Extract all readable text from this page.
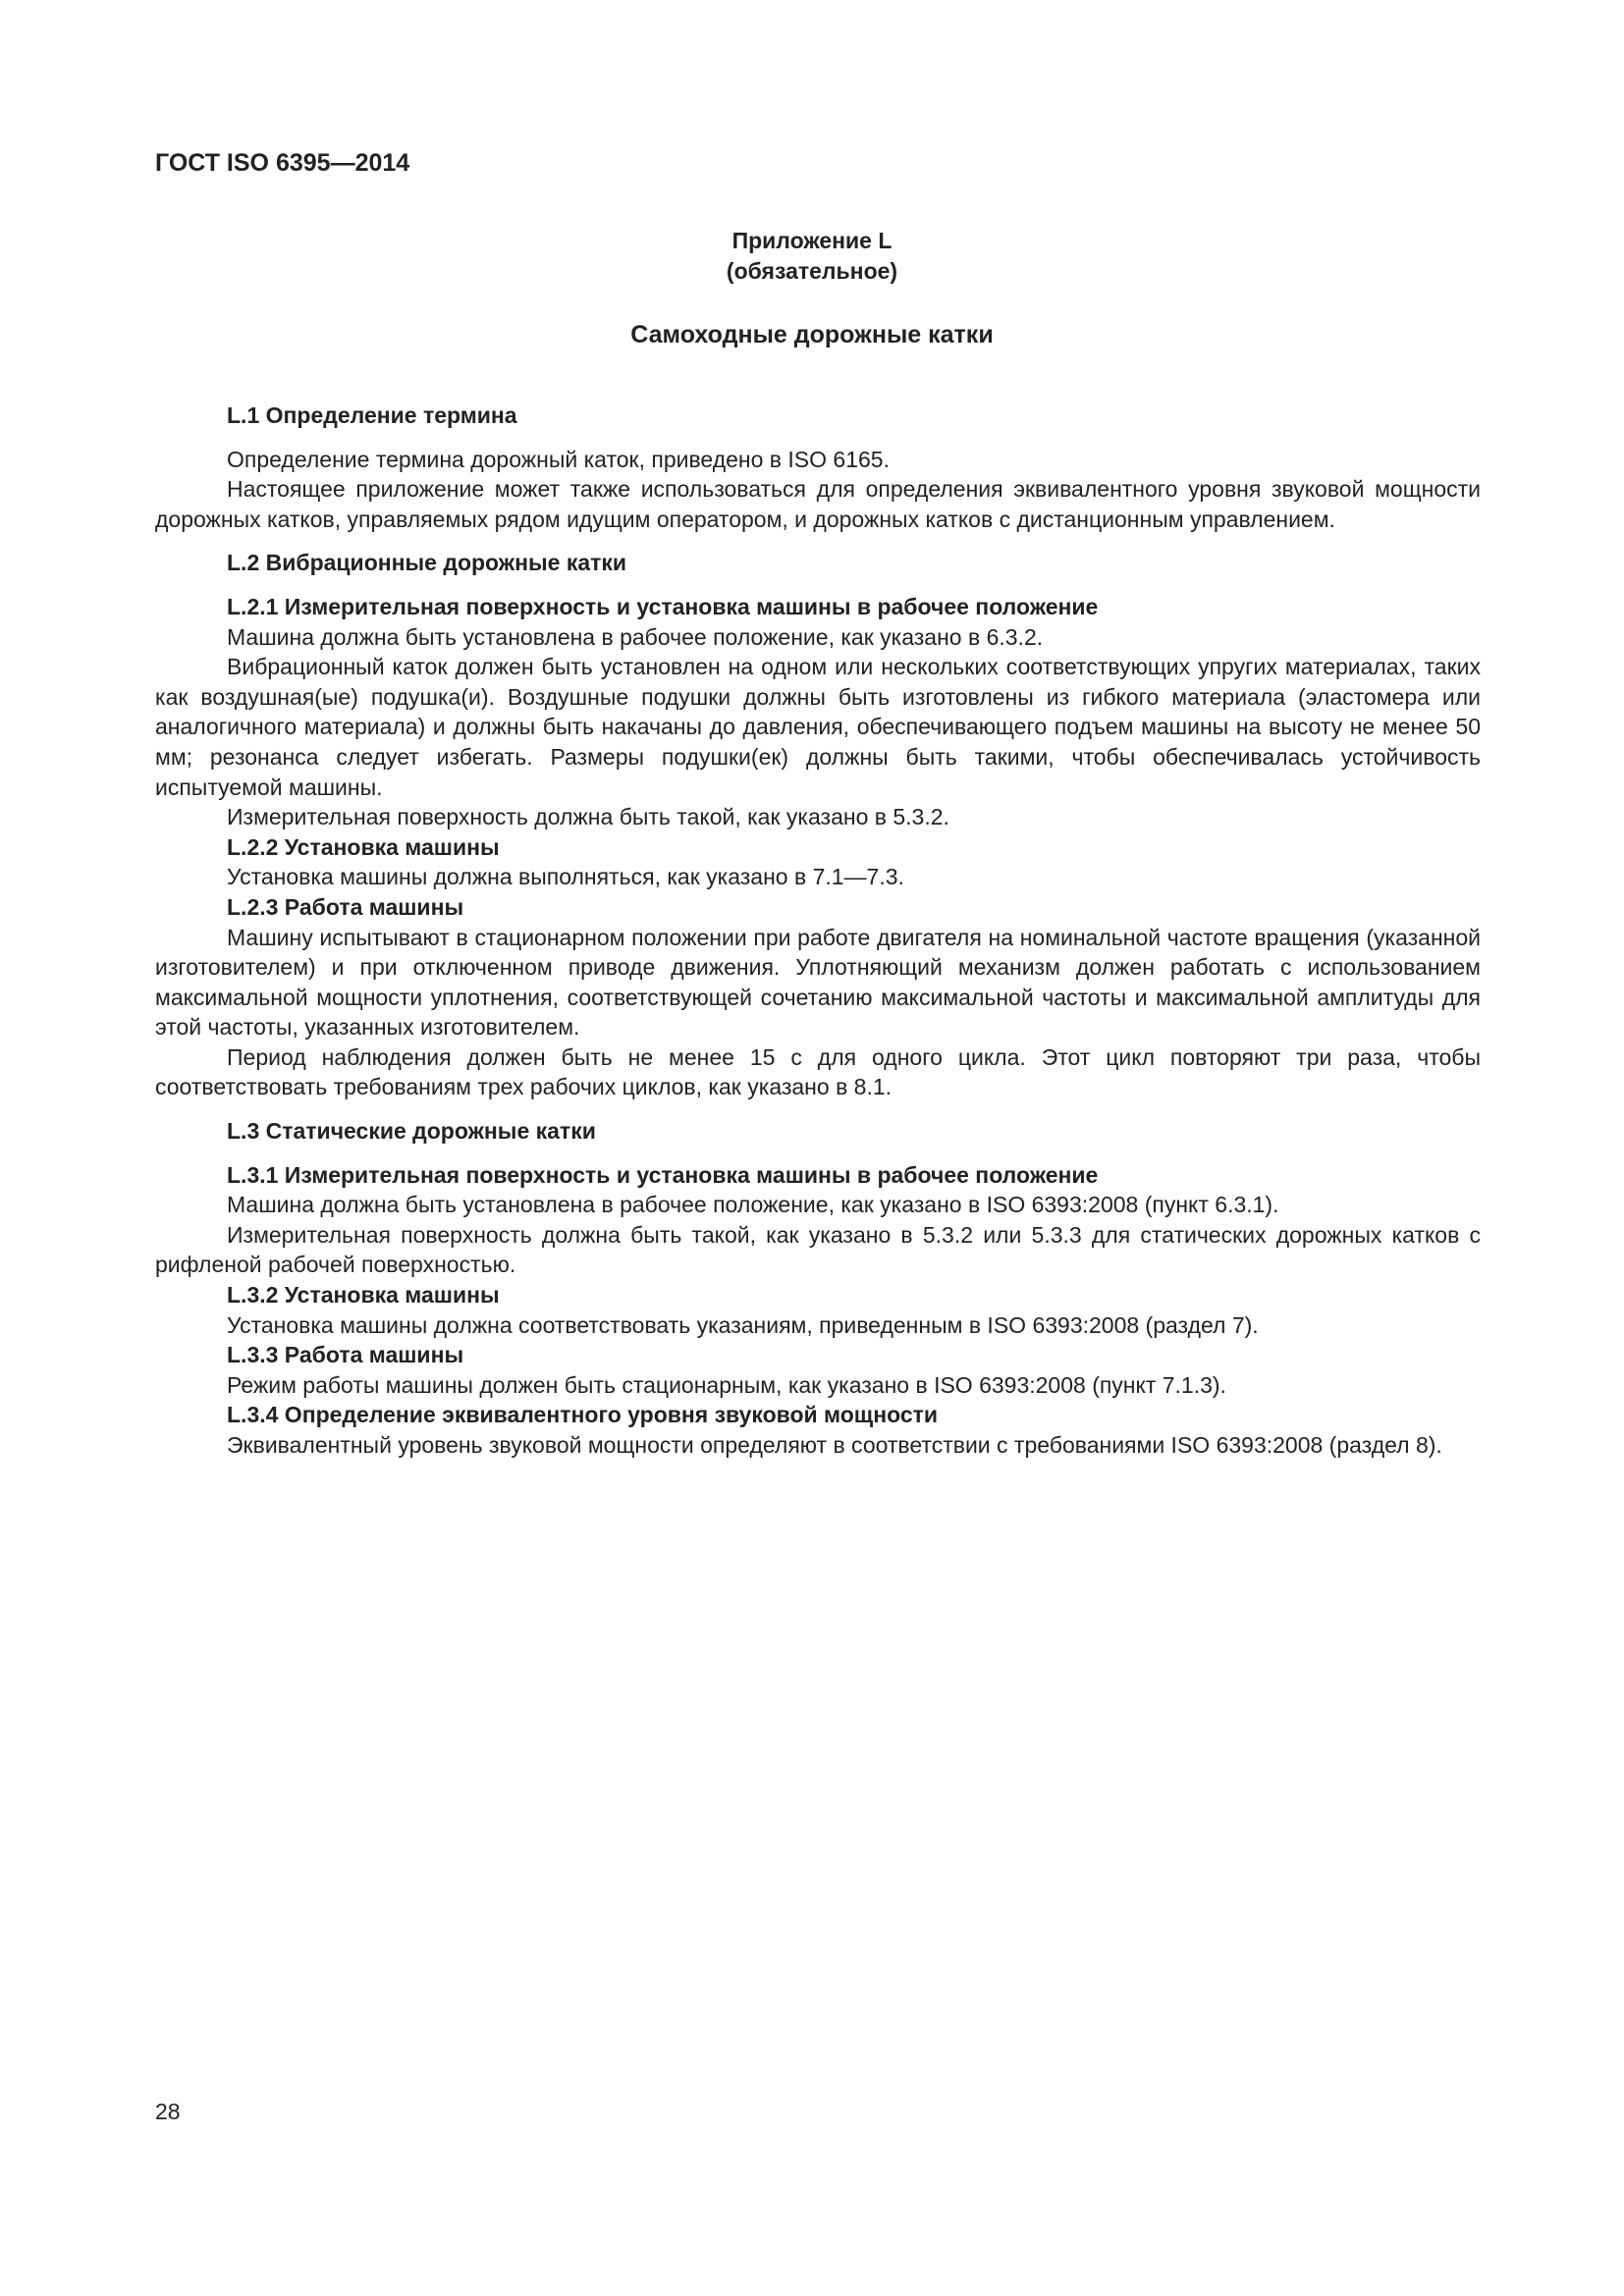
ГОСТ ISO 6395—2014
Приложение L
(обязательное)
Самоходные дорожные катки

L.1 Определение термина

Определение термина дорожный каток, приведено в ISO 6165.

Настоящее приложение может также использоваться для определения эквивалентного уровня звуковой мощности дорожных катков, управляемых рядом идущим оператором, и дорожных катков с дистанционным управлением.

L.2 Вибрационные дорожные катки

L.2.1 Измерительная поверхность и установка машины в рабочее положение

Машина должна быть установлена в рабочее положение, как указано в 6.3.2.

Вибрационный каток должен быть установлен на одном или нескольких соответствующих упругих материалах, таких как воздушная(ые) подушка(и). Воздушные подушки должны быть изготовлены из гибкого материала (эластомера или аналогичного материала) и должны быть накачаны до давления, обеспечивающего подъем машины на высоту не менее 50 мм; резонанса следует избегать. Размеры подушки(ек) должны быть такими, чтобы обеспечивалась устойчивость испытуемой машины.

Измерительная поверхность должна быть такой, как указано в 5.3.2.

L.2.2 Установка машины

Установка машины должна выполняться, как указано в 7.1—7.3.

L.2.3 Работа машины

Машину испытывают в стационарном положении при работе двигателя на номинальной частоте вращения (указанной изготовителем) и при отключенном приводе движения. Уплотняющий механизм должен работать с использованием максимальной мощности уплотнения, соответствующей сочетанию максимальной частоты и максимальной амплитуды для этой частоты, указанных изготовителем.

Период наблюдения должен быть не менее 15 с для одного цикла. Этот цикл повторяют три раза, чтобы соответствовать требованиям трех рабочих циклов, как указано в 8.1.

L.3 Статические дорожные катки

L.3.1 Измерительная поверхность и установка машины в рабочее положение

Машина должна быть установлена в рабочее положение, как указано в ISO 6393:2008 (пункт 6.3.1).

Измерительная поверхность должна быть такой, как указано в 5.3.2 или 5.3.3 для статических дорожных катков с рифленой рабочей поверхностью.

L.3.2 Установка машины

Установка машины должна соответствовать указаниям, приведенным в ISO 6393:2008 (раздел 7).

L.3.3 Работа машины

Режим работы машины должен быть стационарным, как указано в ISO 6393:2008 (пункт 7.1.3).

L.3.4 Определение эквивалентного уровня звуковой мощности

Эквивалентный уровень звуковой мощности определяют в соответствии с требованиями ISO 6393:2008 (раздел 8).

28
